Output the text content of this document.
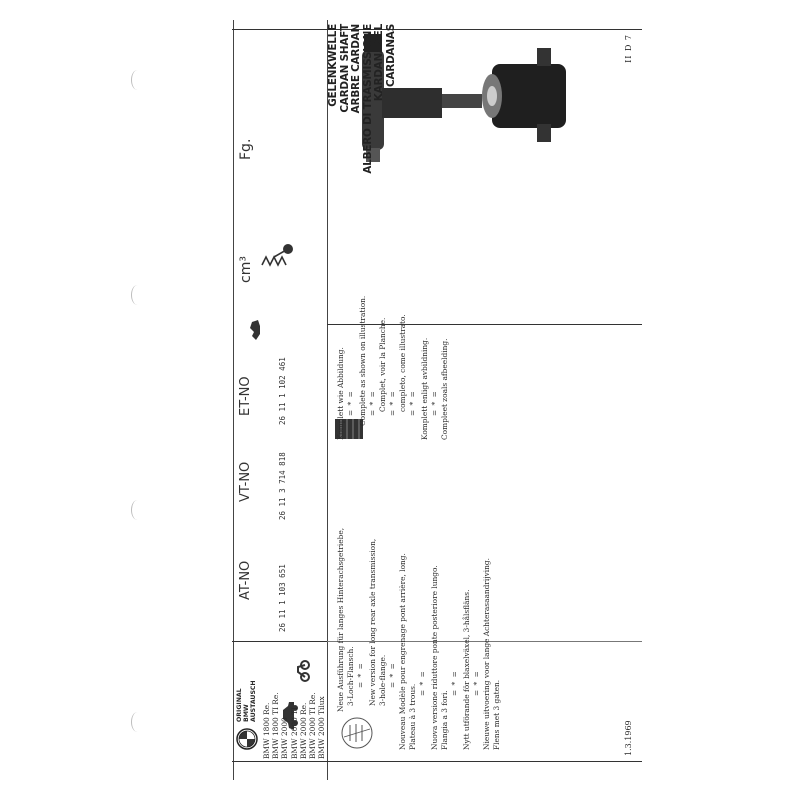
ORIGINAL BMW AUSTAUSCH
AT-NO
VT-NO
ET-NO
cm³
Fg.
BMW 1800 Re. BMW 1800 TI Re. BMW 2000 BMW 2000 TI BMW 2000 Re. BMW 2000 TI Re. BMW 2000 Tilux
26 11 1 103 651
26 11 3 714 818
26 11 1 102 461
Neue Ausführung für langes Hinterachsgetriebe, 3-Loch-Flansch. = * = New version for long rear axle transmission, 3-hole-flange. = * = Nouveau Modèle pour engrenage pont arrière, long. Plateau à 3 trous.
= * = Nuova versione riduttore ponte posteriore lungo. Flangia a 3 fori.
= * = Nytt utförande för blaxelväxel, 3-hålsfläns. = * = Nieuwe uitvoering voor lange Achterasaandrijving. Flens met 3 gaten.
Komplett wie Abbildung. = * = Complete as shown on illustration. = * = Complet, voir la Planche. = * = completo, come illustrato. = * = Komplett enligt avbildning. = * = Compleet zoals afbeelding.
GELENKWELLE CARDAN SHAFT ARBRE CARDAN ALBERO DI TRASMISSIONE KARDANAXEL CARDANAS
1.3.1969
II D 7
